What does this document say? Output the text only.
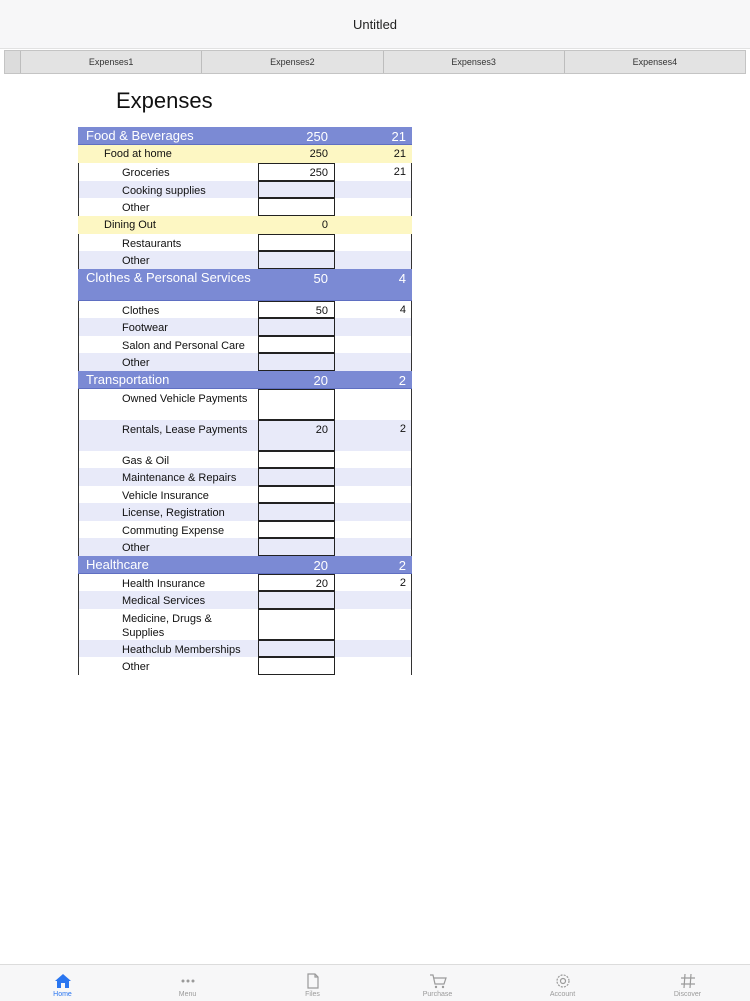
Untitled
Expenses1	Expenses2	Expenses3	Expenses4
Expenses
Food & Beverages	250	21
Food at home	250	21
Groceries	250	21
Cooking supplies
Other
Dining Out	0
Restaurants
Other
Clothes & Personal Services	50	4
Clothes	50	4
Footwear
Salon and Personal Care
Other
Transportation	20	2
Owned Vehicle Payments
Rentals, Lease Payments	20	2
Gas & Oil
Maintenance & Repairs
Vehicle Insurance
License, Registration
Commuting Expense
Other
Healthcare	20	2
Health Insurance	20	2
Medical Services
Medicine, Drugs & Supplies
Heathclub Memberships
Other
Home	Menu	Files	Purchase	Account	Discover
